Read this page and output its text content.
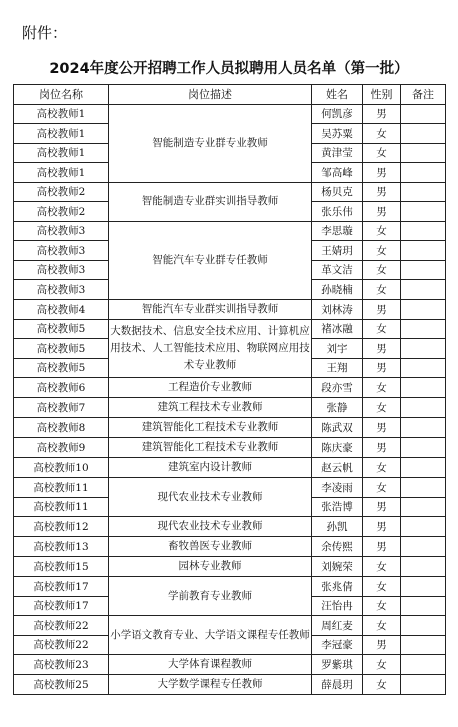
附件：
2024年度公开招聘工作人员拟聘用人员名单（第一批）
岗位名称	岗位描述	姓名	性别	备注
高校教师1	智能制造专业群专业教师	何凯彦	男	
高校教师1		吴苏粟	女	
高校教师1		黄津莹	女	
高校教师1		邹高峰	男	
高校教师2	智能制造专业群实训指导教师	杨贝克	男	
高校教师2		张乐伟	男	
高校教师3	智能汽车专业群专任教师	李思璇	女	
高校教师3		王婧玥	女	
高校教师3		革文洁	女	
高校教师3		孙晓楠	女	
高校教师4	智能汽车专业群实训指导教师	刘林涛	男	
高校教师5	大数据技术、信息安全技术应用、计算机应用技术、人工智能技术应用、物联网应用技术专业教师	褚冰融	女	
高校教师5		刘宇	男	
高校教师5		王翔	男	
高校教师6	工程造价专业教师	段亦雪	女	
高校教师7	建筑工程技术专业教师	张静	女	
高校教师8	建筑智能化工程技术专业教师	陈武双	男	
高校教师9	建筑智能化工程技术专业教师	陈庆豪	男	
高校教师10	建筑室内设计教师	赵云帆	女	
高校教师11	现代农业技术专业教师	李凌雨	女	
高校教师11		张浩博	男	
高校教师12	现代农业技术专业教师	孙凯	男	
高校教师13	畜牧兽医专业教师	余传熙	男	
高校教师15	园林专业教师	刘婉荣	女	
高校教师17	学前教育专业教师	张兆倩	女	
高校教师17		汪怡冉	女	
高校教师22	小学语文教育专业、大学语文课程专任教师	周红麦	女	
高校教师22		李冠豪	男	
高校教师23	大学体育课程教师	罗紫琪	女	
高校教师25	大学数学课程专任教师	薛晨玥	女	
